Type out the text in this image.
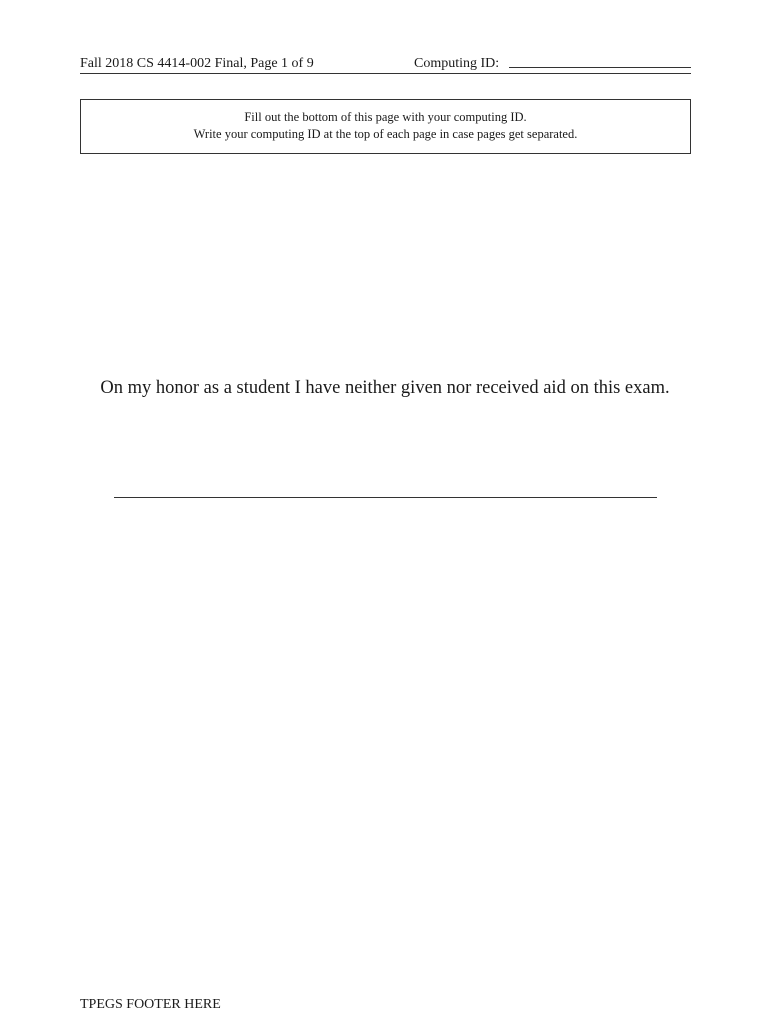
Fall 2018 CS 4414-002 Final, Page 1 of 9	Computing ID:
Fill out the bottom of this page with your computing ID.
Write your computing ID at the top of each page in case pages get separated.
On my honor as a student I have neither given nor received aid on this exam.
TPEGS FOOTER HERE
